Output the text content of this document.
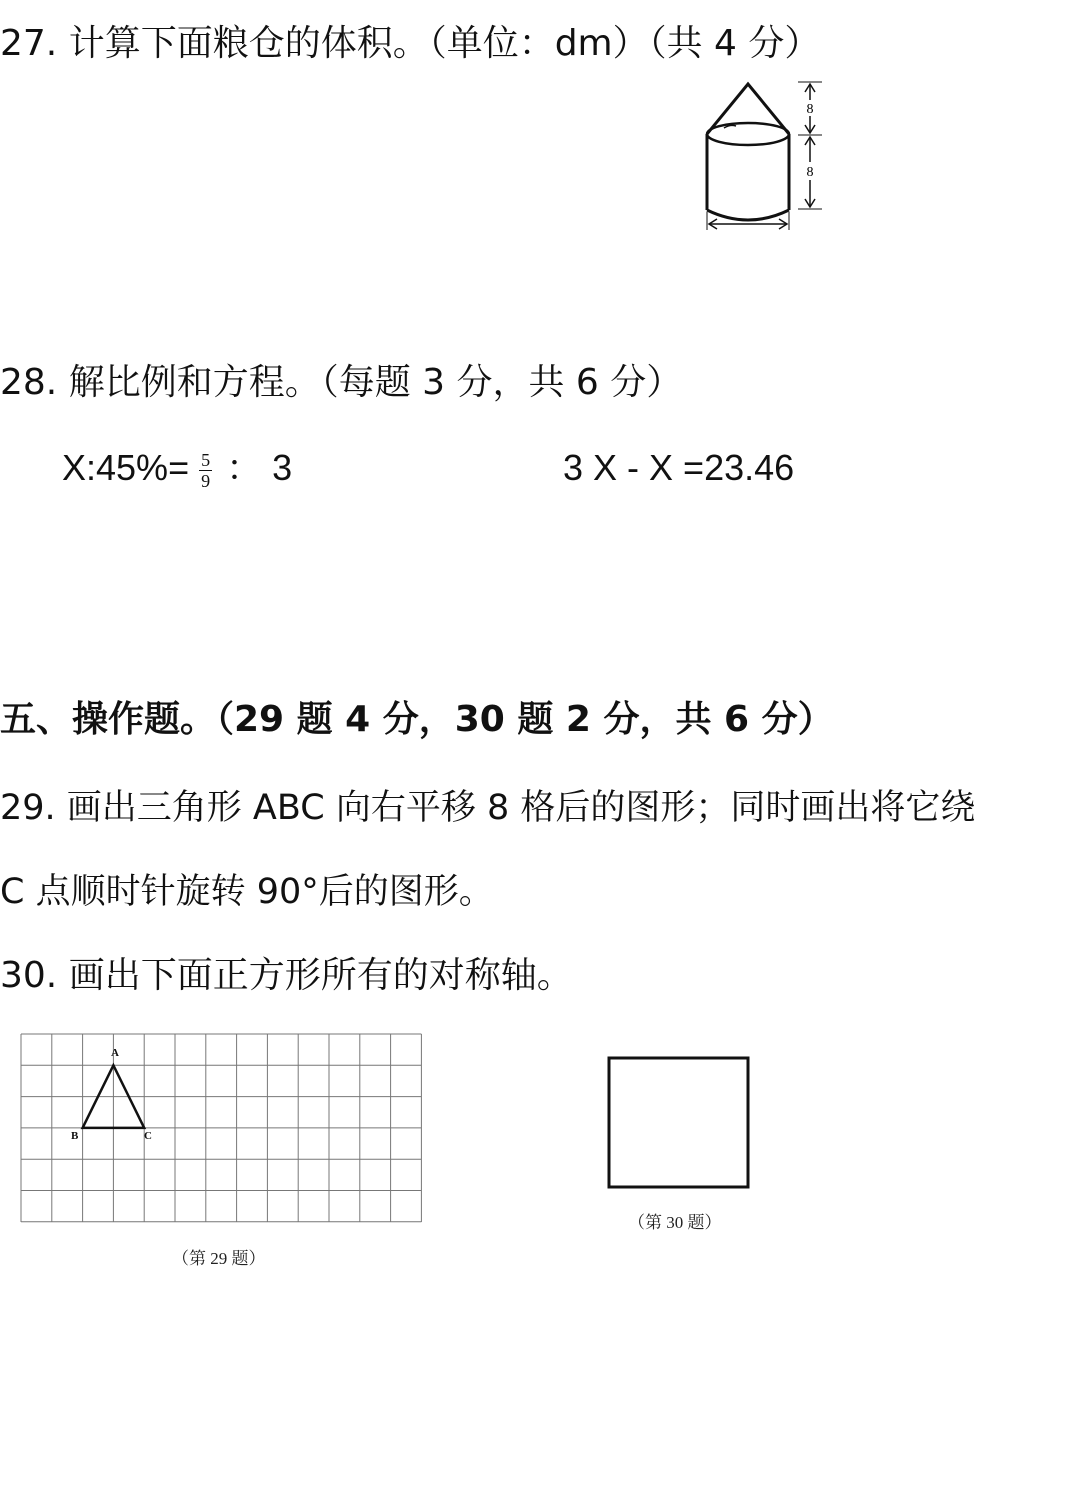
27. 计算下面粮仓的体积。（单位：dm）（共 4 分）
8
8
28. 解比例和方程。（每题 3 分，共 6 分）
X:45%= $\frac{5}{9}$ ： 3	3 X - X =23.46
五、操作题。（29 题 4 分，30 题 2 分，共 6 分）
29. 画出三角形 ABC 向右平移 8 格后的图形；同时画出将它绕
C 点顺时针旋转 90°后的图形。
30. 画出下面正方形所有的对称轴。
A
B	C
（第 29 题）
（第 30 题）
